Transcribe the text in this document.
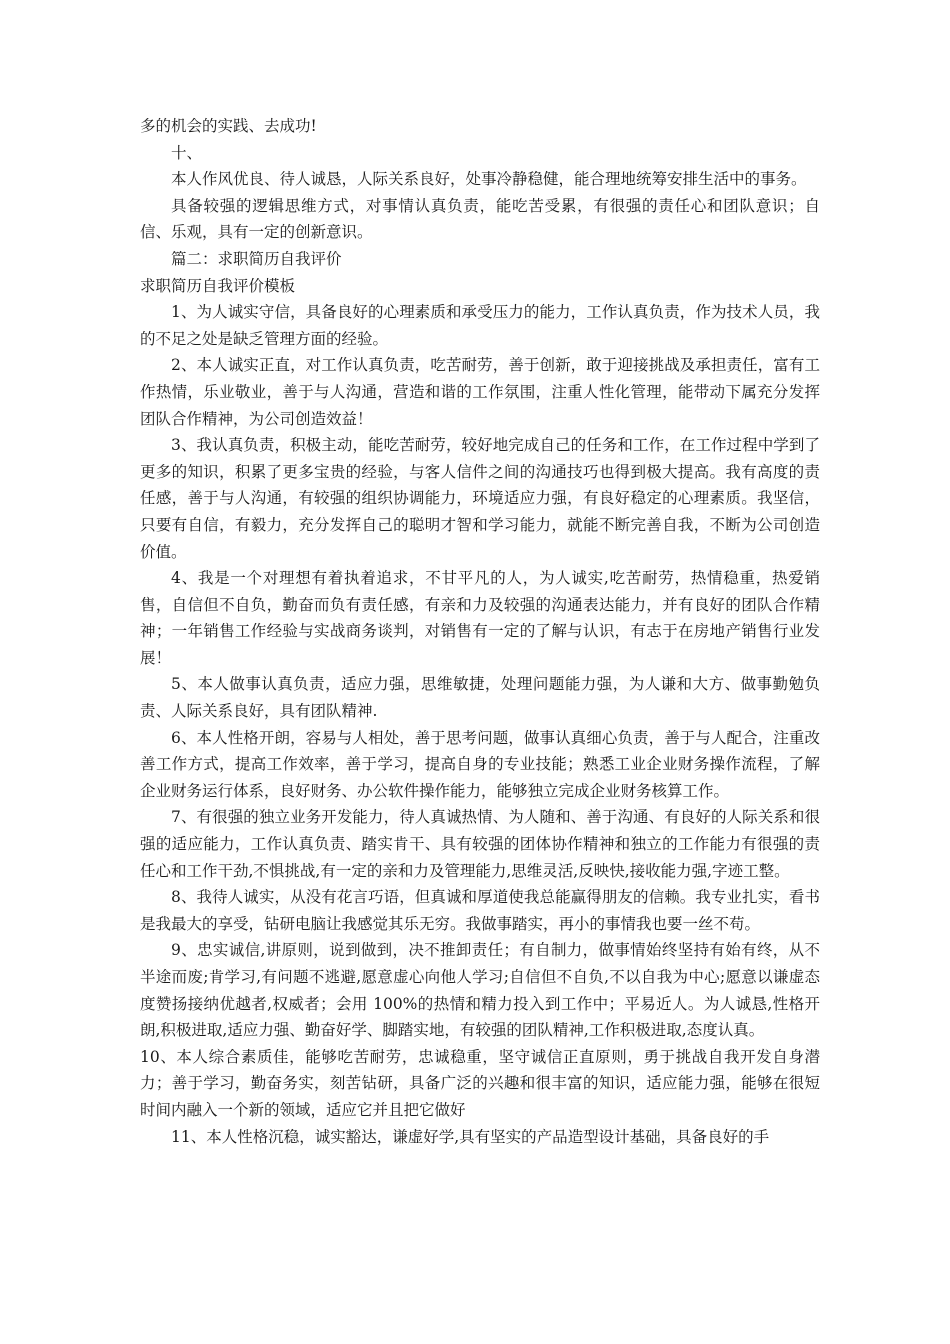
多的机会的实践、去成功!

十、

本人作风优良、待人诚恳，人际关系良好，处事冷静稳健，能合理地统筹安排生活中的事务。

具备较强的逻辑思维方式，对事情认真负责，能吃苦受累，有很强的责任心和团队意识；自信、乐观，具有一定的创新意识。

篇二：求职简历自我评价

求职简历自我评价模板

1、为人诚实守信，具备良好的心理素质和承受压力的能力，工作认真负责，作为技术人员，我的不足之处是缺乏管理方面的经验。

2、本人诚实正直，对工作认真负责，吃苦耐劳，善于创新，敢于迎接挑战及承担责任，富有工作热情，乐业敬业，善于与人沟通，营造和谐的工作氛围，注重人性化管理，能带动下属充分发挥团队合作精神，为公司创造效益！

3、我认真负责，积极主动，能吃苦耐劳，较好地完成自己的任务和工作，在工作过程中学到了更多的知识，积累了更多宝贵的经验，与客人信件之间的沟通技巧也得到极大提高。我有高度的责任感，善于与人沟通，有较强的组织协调能力，环境适应力强，有良好稳定的心理素质。我坚信，只要有自信，有毅力，充分发挥自己的聪明才智和学习能力，就能不断完善自我，不断为公司创造价值。

4、我是一个对理想有着执着追求，不甘平凡的人，为人诚实,吃苦耐劳，热情稳重，热爱销售，自信但不自负，勤奋而负有责任感，有亲和力及较强的沟通表达能力，并有良好的团队合作精神；一年销售工作经验与实战商务谈判，对销售有一定的了解与认识，有志于在房地产销售行业发展！

5、本人做事认真负责，适应力强，思维敏捷，处理问题能力强，为人谦和大方、做事勤勉负责、人际关系良好，具有团队精神.

6、本人性格开朗，容易与人相处，善于思考问题，做事认真细心负责，善于与人配合，注重改善工作方式，提高工作效率，善于学习，提高自身的专业技能；熟悉工业企业财务操作流程，了解企业财务运行体系，良好财务、办公软件操作能力，能够独立完成企业财务核算工作。

7、有很强的独立业务开发能力，待人真诚热情、为人随和、善于沟通、有良好的人际关系和很强的适应能力，工作认真负责、踏实肯干、具有较强的团体协作精神和独立的工作能力有很强的责任心和工作干劲,不惧挑战,有一定的亲和力及管理能力,思维灵活,反映快,接收能力强,字迹工整。

8、我待人诚实，从没有花言巧语，但真诚和厚道使我总能赢得朋友的信赖。我专业扎实，看书是我最大的享受，钻研电脑让我感觉其乐无穷。我做事踏实，再小的事情我也要一丝不苟。

9、忠实诚信,讲原则，说到做到，决不推卸责任；有自制力，做事情始终坚持有始有终，从不半途而废;肯学习,有问题不逃避,愿意虚心向他人学习;自信但不自负,不以自我为中心;愿意以谦虚态度赞扬接纳优越者,权威者；会用 100%的热情和精力投入到工作中；平易近人。为人诚恳,性格开朗,积极进取,适应力强、勤奋好学、脚踏实地，有较强的团队精神,工作积极进取,态度认真。

10、本人综合素质佳，能够吃苦耐劳，忠诚稳重，坚守诚信正直原则，勇于挑战自我开发自身潜力；善于学习，勤奋务实，刻苦钻研，具备广泛的兴趣和很丰富的知识，适应能力强，能够在很短时间内融入一个新的领域，适应它并且把它做好

11、本人性格沉稳，诚实豁达，谦虚好学,具有坚实的产品造型设计基础，具备良好的手
